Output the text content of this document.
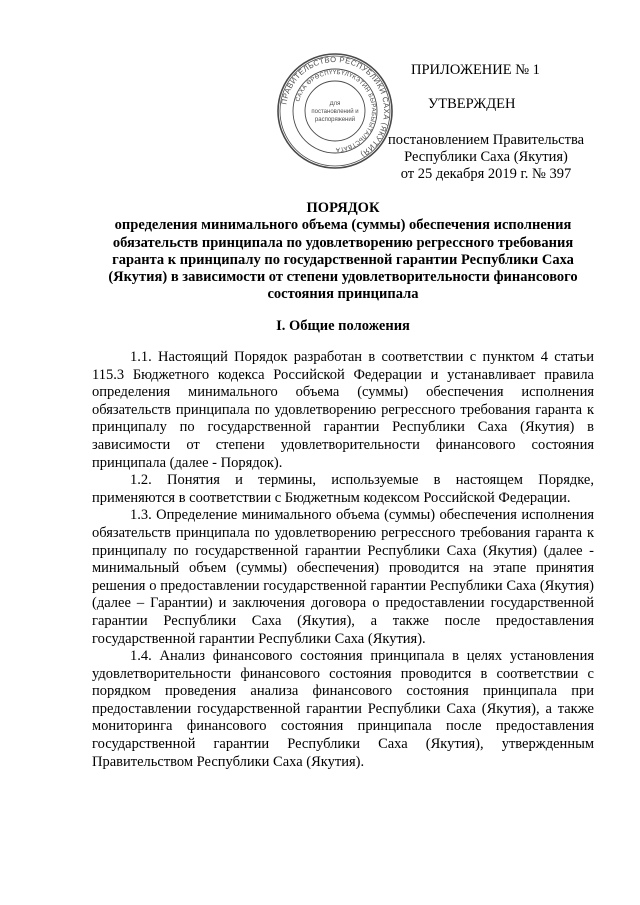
ПРИЛОЖЕНИЕ № 1
УТВЕРЖДЕН
постановлением Правительства
Республики Саха (Якутия)
от 25 декабря 2019 г. № 397
ПРАВИТЕЛЬСТВО РЕСПУБЛИКИ САХА (ЯКУТИЯ)
САХА ӨРӨСПҮҮБҮЛҮКЭТИН БЫРАБЫЫТАЛЬСТВАТА
Для
постановлений и
распоряжений
ПОРЯДОК
определения минимального объема (суммы) обеспечения исполнения обязательств принципала по удовлетворению регрессного требования гаранта к принципалу по государственной гарантии Республики Саха (Якутия) в зависимости от степени удовлетворительности финансового состояния принципала
I. Общие положения

1.1. Настоящий Порядок разработан в соответствии с пунктом 4 статьи 115.3 Бюджетного кодекса Российской Федерации и устанавливает правила определения минимального объема (суммы) обеспечения исполнения обязательств принципала по удовлетворению регрессного требования гаранта к принципалу по государственной гарантии Республики Саха (Якутия) в зависимости от степени удовлетворительности финансового состояния принципала (далее - Порядок).

1.2. Понятия и термины, используемые в настоящем Порядке, применяются в соответствии с Бюджетным кодексом Российской Федерации.

1.3. Определение минимального объема (суммы) обеспечения исполнения обязательств принципала по удовлетворению регрессного требования гаранта к принципалу по государственной гарантии Республики Саха (Якутия) (далее - минимальный объем (суммы) обеспечения) проводится на этапе принятия решения о предоставлении государственной гарантии Республики Саха (Якутия) (далее – Гарантии) и заключения договора о предоставлении государственной гарантии Республики Саха (Якутия), а также после предоставления государственной гарантии Республики Саха (Якутия).

1.4. Анализ финансового состояния принципала в целях установления удовлетворительности финансового состояния проводится в соответствии с порядком проведения анализа финансового состояния принципала при предоставлении государственной гарантии Республики Саха (Якутия), а также мониторинга финансового состояния принципала после предоставления государственной гарантии Республики Саха (Якутия), утвержденным Правительством Республики Саха (Якутия).
